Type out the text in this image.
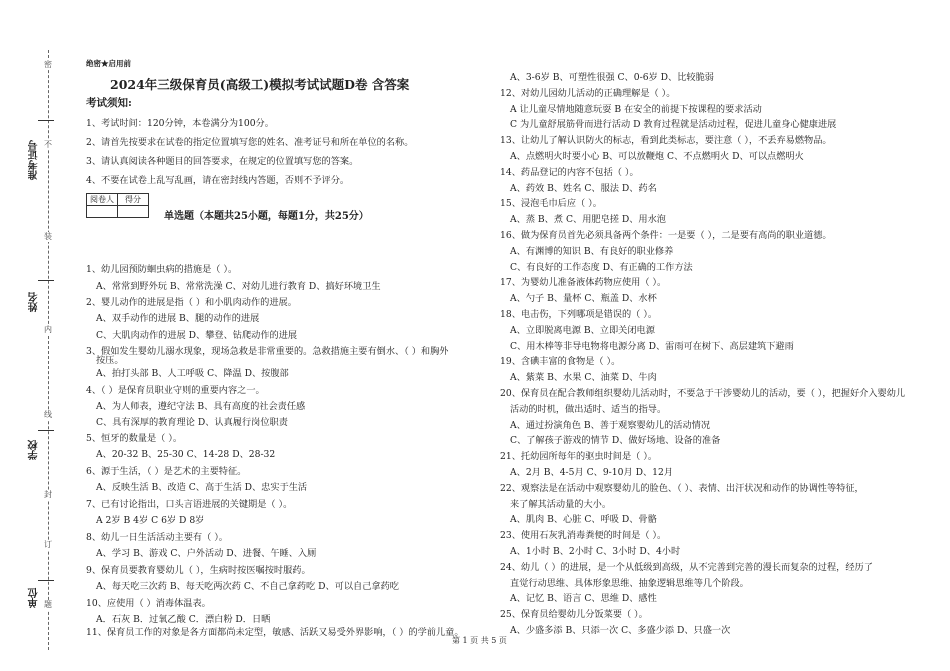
密
不
装
内
线
封
订
题
准考证号
姓名
学校
单位
绝密★启用前
2024年三级保育员(高级工)模拟考试试题D卷 含答案
考试须知:
1、考试时间：120分钟，本卷满分为100分。
2、请首先按要求在试卷的指定位置填写您的姓名、准考证号和所在单位的名称。
3、请认真阅读各种题目的回答要求，在规定的位置填写您的答案。
4、不要在试卷上乱写乱画，请在密封线内答题，否则不予评分。
阅卷人	得分

单选题（本题共25小题，每题1分，共25分）
1、幼儿园预防蛔虫病的措施是（ ）。
A、常常到野外玩 B、常常洗澡 C、对幼儿进行教育 D、搞好环境卫生
2、婴儿动作的进展是指（ ）和小肌肉动作的进展。
A、双手动作的进展 B、腿的动作的进展
C、大肌肉动作的进展 D、攀登、钻爬动作的进展
3、假如发生婴幼儿溺水现象，现场急救是非常重要的。急救措施主要有倒水、（ ）和胸外
按压。
A、拍打头部 B、人工呼吸 C、降温 D、按腹部
4、（ ）是保育员职业守则的重要内容之一。
A、为人师表，遵纪守法 B、具有高度的社会责任感
C、具有深厚的教育理论 D、认真履行岗位职责
5、恒牙的数量是（ ）。
A、20-32 B、25-30 C、14-28 D、28-32
6、源于生活，（ ）是艺术的主要特征。
A、反映生活 B、改造 C、高于生活 D、忠实于生活
7、已有讨论指出，口头言语进展的关键期是（ ）。
A 2岁 B 4岁 C 6岁 D 8岁
8、幼儿一日生活活动主要有（ ）。
A、学习 B、游戏 C、户外活动 D、进餐、午睡、入厕
9、保育员要教育婴幼儿（ ），生病时按医嘱按时服药。
A、每天吃三次药 B、每天吃两次药 C、不自己拿药吃 D、可以自己拿药吃
10、应使用（ ）消毒体温表。
A．石灰 B．过氧乙酸 C．漂白粉 D．日晒
11、保育员工作的对象是各方面都尚未定型，敏感、活跃又易受外界影响，（ ）的学前儿童。
A、3-6岁 B、可塑性很强 C、0-6岁 D、比较脆弱
12、对幼儿园幼儿活动的正确理解是（ ）。
A 让儿童尽情地随意玩耍 B 在安全的前提下按课程的要求活动
C 为儿童舒展筋骨而进行活动 D 教育过程就是活动过程，促进儿童身心健康进展
13、让幼儿了解认识防火的标志，看到此类标志，要注意（ ），不丢弃易燃物品。
A、点燃明火时要小心 B、可以放鞭炮 C、不点燃明火 D、可以点燃明火
14、药品登记的内容不包括（ ）。
A、药效 B、姓名 C、服法 D、药名
15、浸泡毛巾后应（ ）。
A、蒸 B、煮 C、用肥皂搓 D、用水泡
16、做为保育员首先必须具备两个条件：一是要（ ），二是要有高尚的职业道德。
A、有渊博的知识 B、有良好的职业修养
C、有良好的工作态度 D、有正确的工作方法
17、为婴幼儿准备液体药物应使用（ ）。
A、勺子 B、量杯 C、瓶盖 D、水杯
18、电击伤，下列哪项是错误的（ ）。
A、立即脱离电源 B、立即关闭电源
C、用木棒等非导电物将电源分离 D、雷雨可在树下、高层建筑下避雨
19、含碘丰富的食物是（ ）。
A、紫菜 B、水果 C、油菜 D、牛肉
20、保育员在配合教师组织婴幼儿活动时，不要急于干涉婴幼儿的活动，要（ ），把握好介入婴幼儿
活动的时机，做出适时、适当的指导。
A、通过扮演角色 B、善于观察婴幼儿的活动情况
C、了解孩子游戏的情节 D、做好场地、设备的准备
21、托幼园所每年的驱虫时间是（ ）。
A、2月 B、4-5月 C、9-10月 D、12月
22、观察法是在活动中观察婴幼儿的脸色、（ ）、表情、出汗状况和动作的协调性等特征，
来了解其活动量的大小。
A、肌肉 B、心脏 C、呼吸 D、骨骼
23、使用石灰乳消毒粪便的时间是（ ）。
A、1小时 B、2小时 C、3小时 D、4小时
24、幼儿（ ）的进展，是一个从低级到高级，从不完善到完善的漫长而复杂的过程，经历了
直觉行动思维、具体形象思维、抽象逻辑思维等几个阶段。
A、记忆 B、语言 C、思维 D、感性
25、保育员给婴幼儿分饭菜要（ ）。
A、少盛多添 B、只添一次 C、多盛少添 D、只盛一次
第 1 页 共 5 页
